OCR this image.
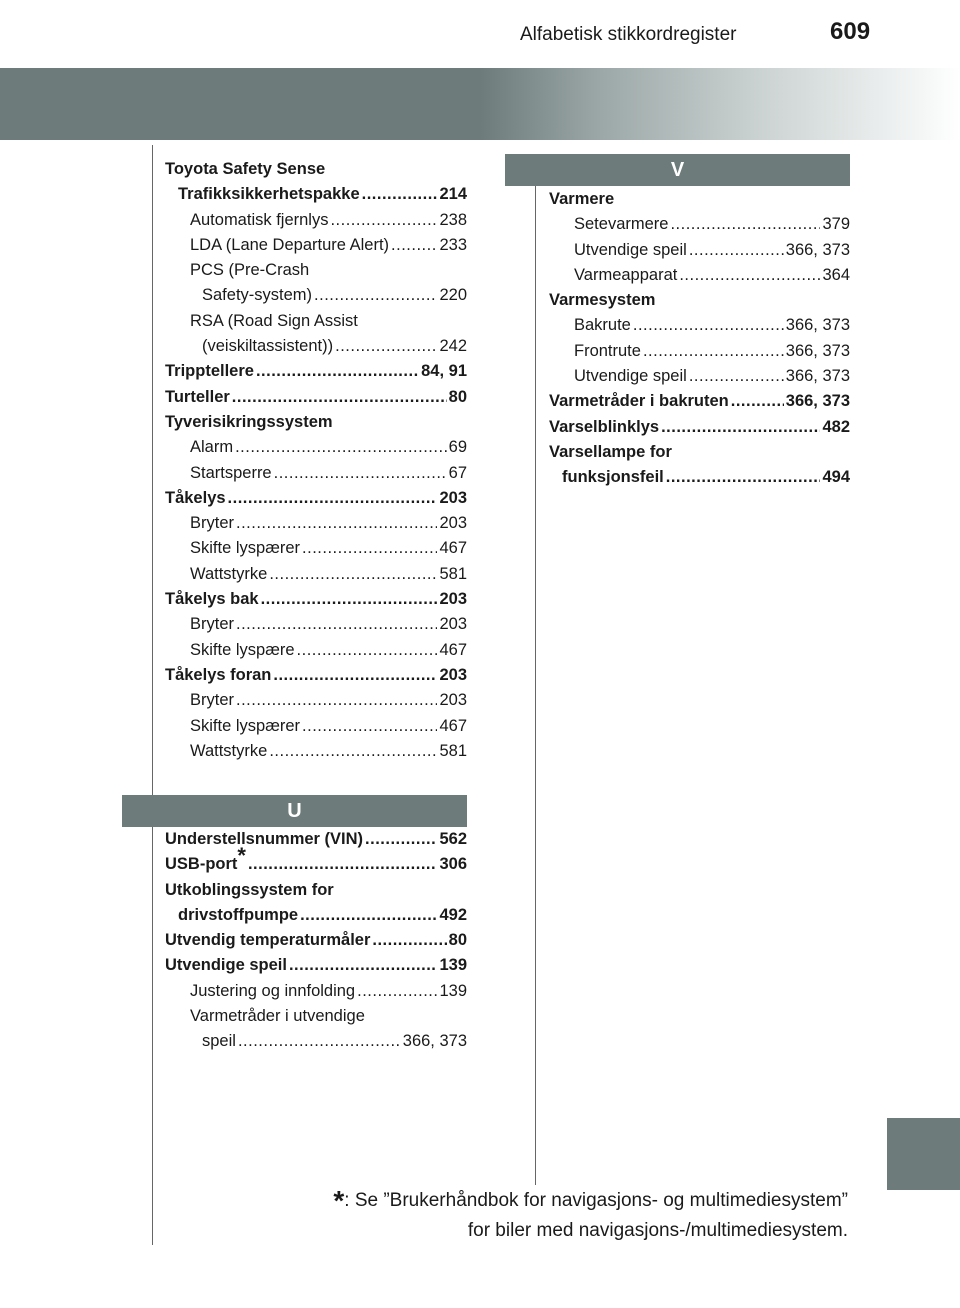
Alfabetisk stikkordregister	609
Toyota Safety Sense
Trafikksikkerhetspakke .....	214
Automatisk fjernlys .....	238
LDA (Lane Departure Alert) .....	233
PCS (Pre-Crash
Safety-system) .....	220
RSA (Road Sign Assist
(veiskiltassistent)) .....	242
Tripptellere .....	84, 91
Turteller .....	80
Tyverisikringssystem
Alarm .....	69
Startsperre .....	67
Tåkelys .....	203
Bryter .....	203
Skifte lyspærer .....	467
Wattstyrke .....	581
Tåkelys bak .....	203
Bryter .....	203
Skifte lyspære .....	467
Tåkelys foran .....	203
Bryter .....	203
Skifte lyspærer .....	467
Wattstyrke .....	581
U
Understellsnummer (VIN) .....	562
USB-port* .....	306
Utkoblingssystem for
drivstoffpumpe .....	492
Utvendig temperaturmåler .....	80
Utvendige speil .....	139
Justering og innfolding .....	139
Varmetråder i utvendige
speil .....	366, 373
V
Varmere
Setevarmere .....	379
Utvendige speil .....	366, 373
Varmeapparat .....	364
Varmesystem
Bakrute .....	366, 373
Frontrute .....	366, 373
Utvendige speil .....	366, 373
Varmetråder i bakruten .....	366, 373
Varselblinklys .....	482
Varsellampe for
funksjonsfeil .....	494
*: Se ”Brukerhåndbok for navigasjons- og multimediesystem”
for biler med navigasjons-/multimediesystem.
